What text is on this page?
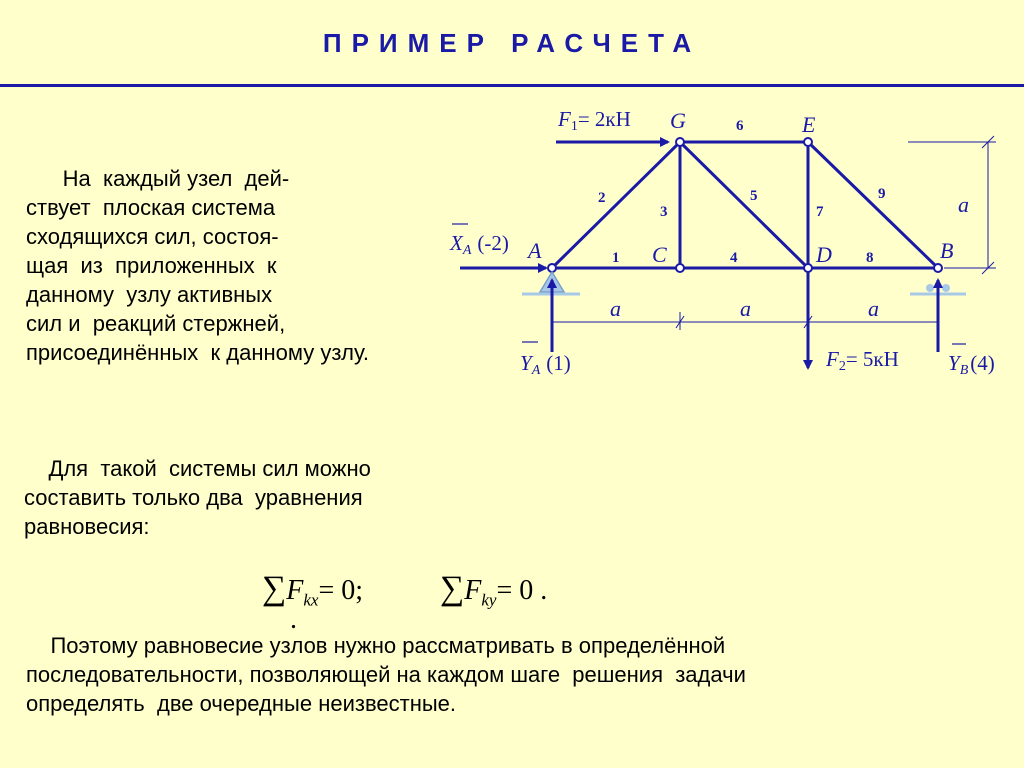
ПРИМЕР РАСЧЕТА
На  каждый узел  дей-
ствует  плоская система
сходящихся сил, состоя-
щая  из  приложенных  к
данному  узлу активных
сил и  реакций стержней,
присоединённых  к данному узлу.
Для  такой  системы сил можно
составить только два  уравнения
равновесия:
Поэтому равновесие узлов нужно рассматривать в определённой
последовательности, позволяющей на каждом шаге  решения  задачи
определять  две очередные неизвестные.
$\sum F_{kx}= 0$; $\sum F_{ky}= 0$ .
.
A	C	D	B
G	E
1
2
3
4
5
6
7
8
9
a	a	a
a
F1= 2кН
F2= 5кН
XA (-2)
YA (1)	YB(4)
